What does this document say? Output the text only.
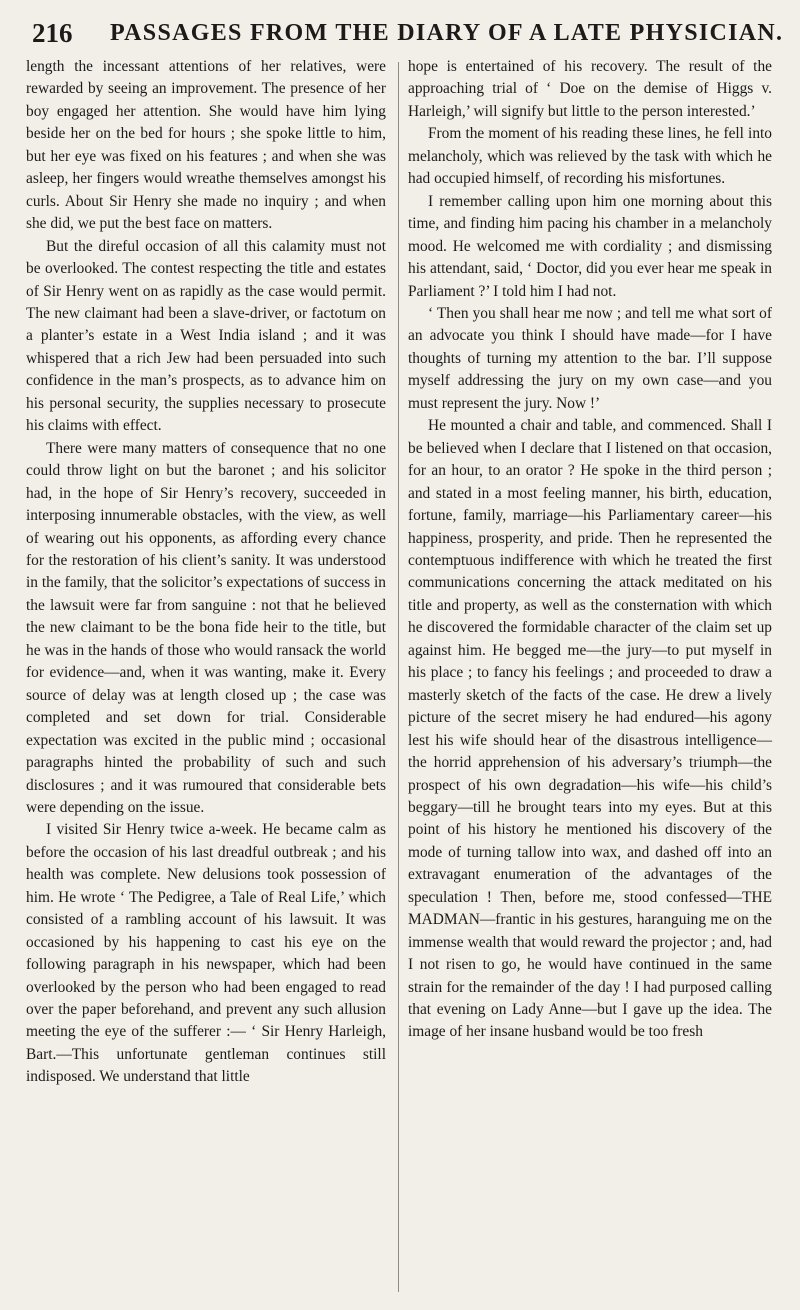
216 PASSAGES FROM THE DIARY OF A LATE PHYSICIAN.

length the incessant attentions of her relatives, were rewarded by seeing an improvement. The presence of her boy engaged her attention. She would have him lying beside her on the bed for hours ; she spoke little to him, but her eye was fixed on his features ; and when she was asleep, her fingers would wreathe themselves amongst his curls. About Sir Henry she made no inquiry ; and when she did, we put the best face on matters.

But the direful occasion of all this calamity must not be overlooked. The contest respecting the title and estates of Sir Henry went on as rapidly as the case would permit. The new claimant had been a slave-driver, or factotum on a planter’s estate in a West India island ; and it was whispered that a rich Jew had been persuaded into such confidence in the man’s prospects, as to advance him on his personal security, the supplies necessary to prosecute his claims with effect.

There were many matters of consequence that no one could throw light on but the baronet ; and his solicitor had, in the hope of Sir Henry’s recovery, succeeded in interposing innumerable obstacles, with the view, as well of wearing out his opponents, as affording every chance for the restoration of his client’s sanity. It was understood in the family, that the solicitor’s expectations of success in the lawsuit were far from sanguine : not that he believed the new claimant to be the bona fide heir to the title, but he was in the hands of those who would ransack the world for evidence—and, when it was wanting, make it. Every source of delay was at length closed up ; the case was completed and set down for trial. Considerable expectation was excited in the public mind ; occasional paragraphs hinted the probability of such and such disclosures ; and it was rumoured that considerable bets were depending on the issue.

I visited Sir Henry twice a-week. He became calm as before the occasion of his last dreadful outbreak ; and his health was complete. New delusions took possession of him. He wrote ‘ The Pedigree, a Tale of Real Life,’ which consisted of a rambling account of his lawsuit. It was occasioned by his happening to cast his eye on the following paragraph in his newspaper, which had been overlooked by the person who had been engaged to read over the paper beforehand, and prevent any such allusion meeting the eye of the sufferer :— ‘ Sir Henry Harleigh, Bart.—This unfortunate gentleman continues still indisposed. We understand that little

hope is entertained of his recovery. The result of the approaching trial of ‘ Doe on the demise of Higgs v. Harleigh,’ will signify but little to the person interested.’

From the moment of his reading these lines, he fell into melancholy, which was relieved by the task with which he had occupied himself, of recording his misfortunes.

I remember calling upon him one morning about this time, and finding him pacing his chamber in a melancholy mood. He welcomed me with cordiality ; and dismissing his attendant, said, ‘ Doctor, did you ever hear me speak in Parliament ?’ I told him I had not.

‘ Then you shall hear me now ; and tell me what sort of an advocate you think I should have made—for I have thoughts of turning my attention to the bar. I’ll suppose myself addressing the jury on my own case—and you must represent the jury. Now !’

He mounted a chair and table, and commenced. Shall I be believed when I declare that I listened on that occasion, for an hour, to an orator ? He spoke in the third person ; and stated in a most feeling manner, his birth, education, fortune, family, marriage—his Parliamentary career—his happiness, prosperity, and pride. Then he represented the contemptuous indifference with which he treated the first communications concerning the attack meditated on his title and property, as well as the consternation with which he discovered the formidable character of the claim set up against him. He begged me—the jury—to put myself in his place ; to fancy his feelings ; and proceeded to draw a masterly sketch of the facts of the case. He drew a lively picture of the secret misery he had endured—his agony lest his wife should hear of the disastrous intelligence—the horrid apprehension of his adversary’s triumph—the prospect of his own degradation—his wife—his child’s beggary—till he brought tears into my eyes. But at this point of his history he mentioned his discovery of the mode of turning tallow into wax, and dashed off into an extravagant enumeration of the advantages of the speculation ! Then, before me, stood confessed—THE MADMAN—frantic in his gestures, haranguing me on the immense wealth that would reward the projector ; and, had I not risen to go, he would have continued in the same strain for the remainder of the day ! I had purposed calling that evening on Lady Anne—but I gave up the idea. The image of her insane husband would be too fresh
